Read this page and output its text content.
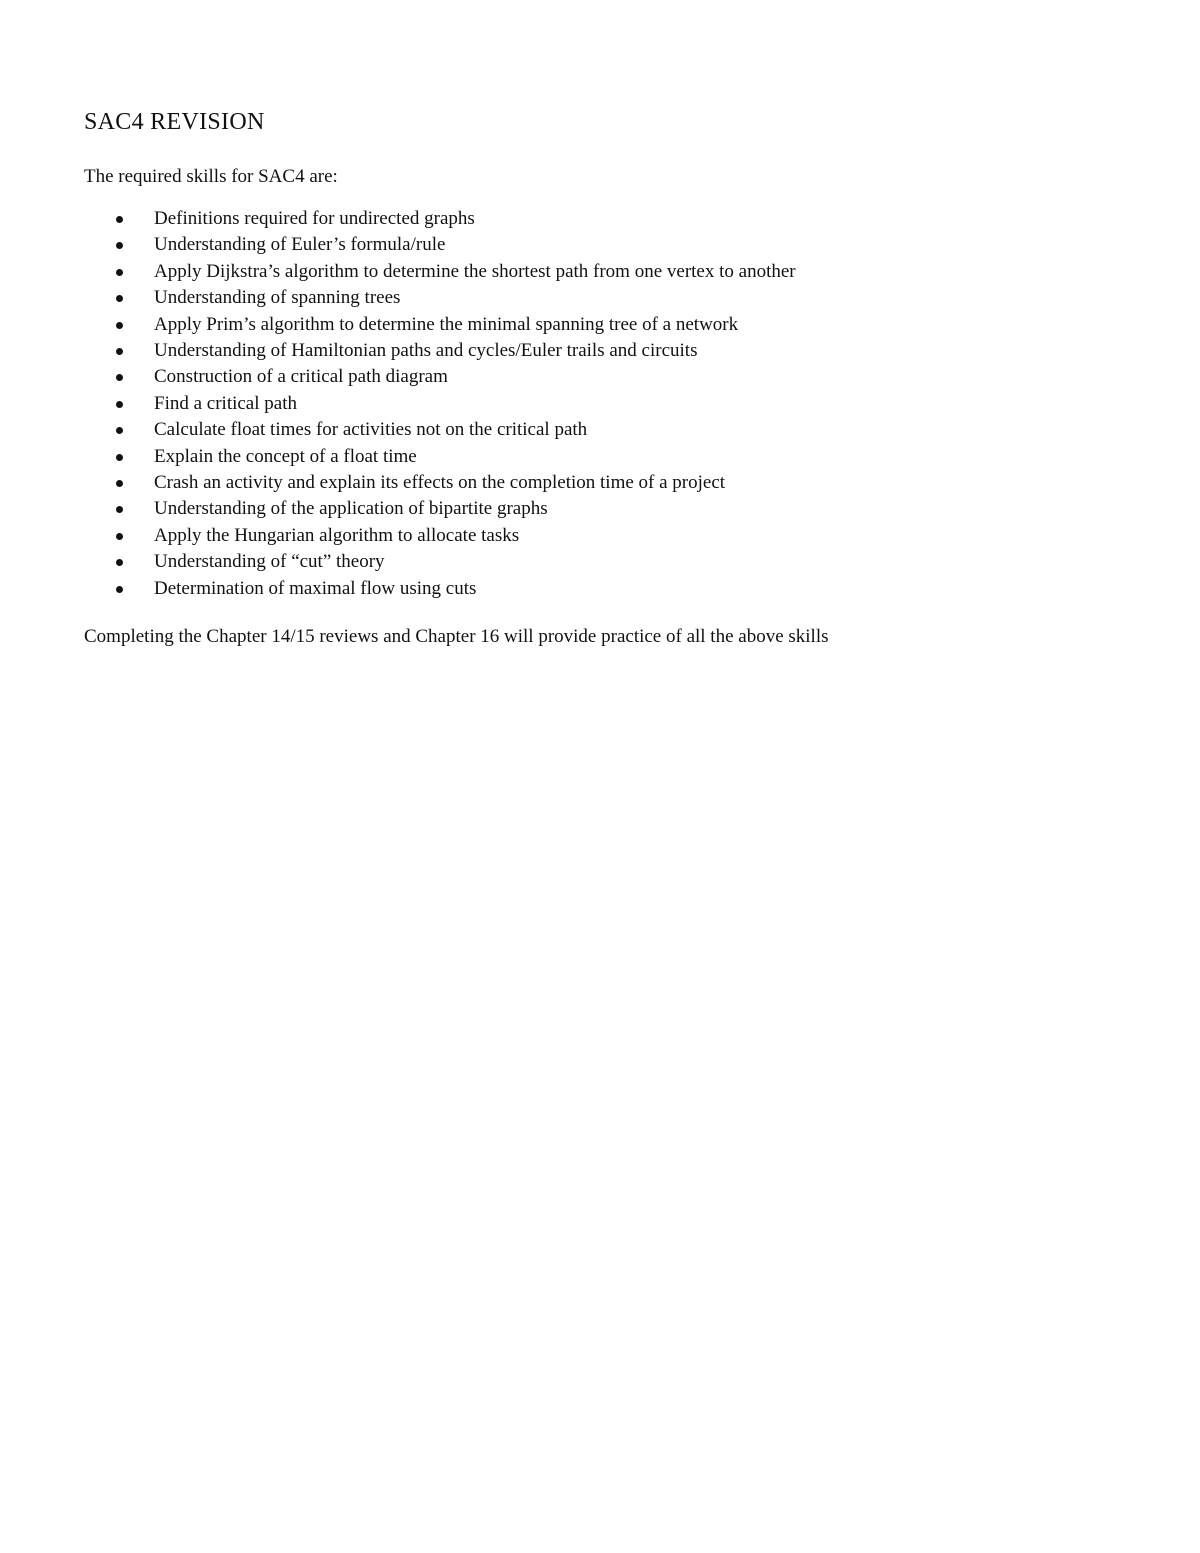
SAC4 REVISION

The required skills for SAC4 are:

Definitions required for undirected graphs
Understanding of Euler’s formula/rule
Apply Dijkstra’s algorithm to determine the shortest path from one vertex to another
Understanding of spanning trees
Apply Prim’s algorithm to determine the minimal spanning tree of a network
Understanding of Hamiltonian paths and cycles/Euler trails and circuits
Construction of a critical path diagram
Find a critical path
Calculate float times for activities not on the critical path
Explain the concept of a float time
Crash an activity and explain its effects on the completion time of a project
Understanding of the application of bipartite graphs
Apply the Hungarian algorithm to allocate tasks
Understanding of “cut” theory
Determination of maximal flow using cuts

Completing the Chapter 14/15 reviews and Chapter 16 will provide practice of all the above skills
